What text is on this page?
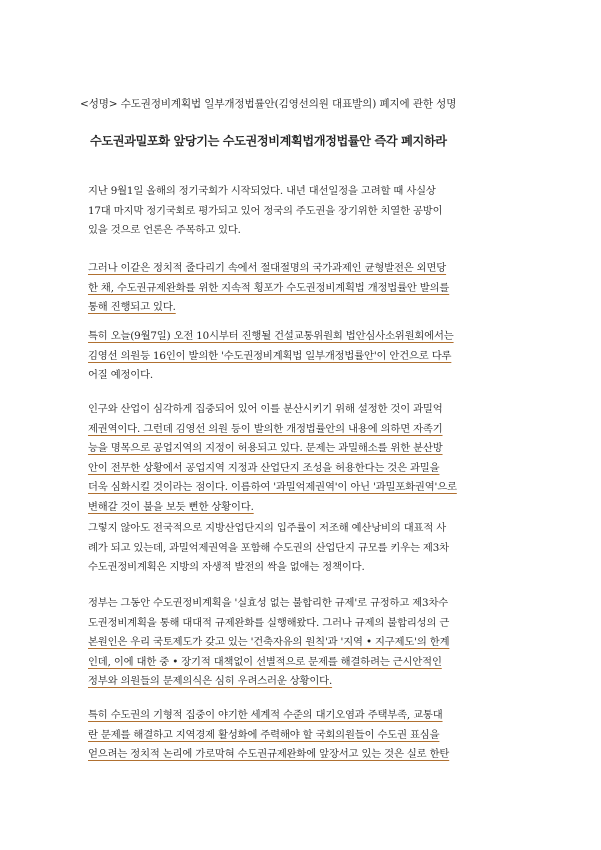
<성명> 수도권정비계획법 일부개정법률안(김영선의원 대표발의) 폐지에 관한 성명
수도권과밀포화 앞당기는 수도권정비계획법개정법률안 즉각 폐지하라
지난 9월1일 올해의 정기국회가 시작되었다. 내년 대선일정을 고려할 때 사실상
17대 마지막 정기국회로 평가되고 있어 정국의 주도권을 장기위한 치열한 공방이
있을 것으로 언론은 주목하고 있다.
그러나 이같은 정치적 줄다리기 속에서 절대절명의 국가과제인 균형발전은 외면당
한 채, 수도권규제완화를 위한 지속적 횡포가 수도권정비계획법 개정법률안 발의를
통해 진행되고 있다.
특히 오늘(9월7일) 오전 10시부터 진행될 건설교통위원회 법안심사소위원회에서는
김영선 의원등 16인이 발의한 '수도권정비계획법 일부개정법률안'이 안건으로 다루
어질 예정이다.
인구와 산업이 심각하게 집중되어 있어 이를 분산시키기 위해 설정한 것이 과밀억
제권역이다. 그런데 김영선 의원 등이 발의한 개정법률안의 내용에 의하면 자족기
능을 명목으로 공업지역의 지정이 허용되고 있다. 문제는 과밀해소를 위한 분산방
안이 전무한 상황에서 공업지역 지정과 산업단지 조성을 허용한다는 것은 과밀을
더욱 심화시킬 것이라는 점이다. 이름하여 '과밀억제권역'이 아닌 '과밀포화권역'으로
변해갈 것이 불을 보듯 뻔한 상황이다.
그렇지 않아도 전국적으로 지방산업단지의 입주률이 저조해 예산낭비의 대표적 사
례가 되고 있는데, 과밀억제권역을 포함해 수도권의 산업단지 규모를 키우는 제3차
수도권정비계획은 지방의 자생적 발전의 싹을 없애는 정책이다.
정부는 그동안 수도권정비계획을 '실효성 없는 불합리한 규제'로 규정하고 제3차수
도권정비계획을 통해 대대적 규제완화를 실행해왔다. 그러나 규제의 불합리성의 근
본원인은 우리 국토제도가 갖고 있는 '건축자유의 원칙'과 '지역 • 지구제도'의 한계
인데, 이에 대한 중 • 장기적 대책없이 선별적으로 문제를 해결하려는 근시안적인
정부와 의원들의 문제의식은 심히 우려스러운 상황이다.
특히 수도권의 기형적 집중이 야기한 세계적 수준의 대기오염과 주택부족, 교통대
란 문제를 해결하고 지역경제 활성화에 주력해야 할 국회의원들이 수도권 표심을
얻으려는 정치적 논리에 가로막혀 수도권규제완화에 앞장서고 있는 것은 실로 한탄
